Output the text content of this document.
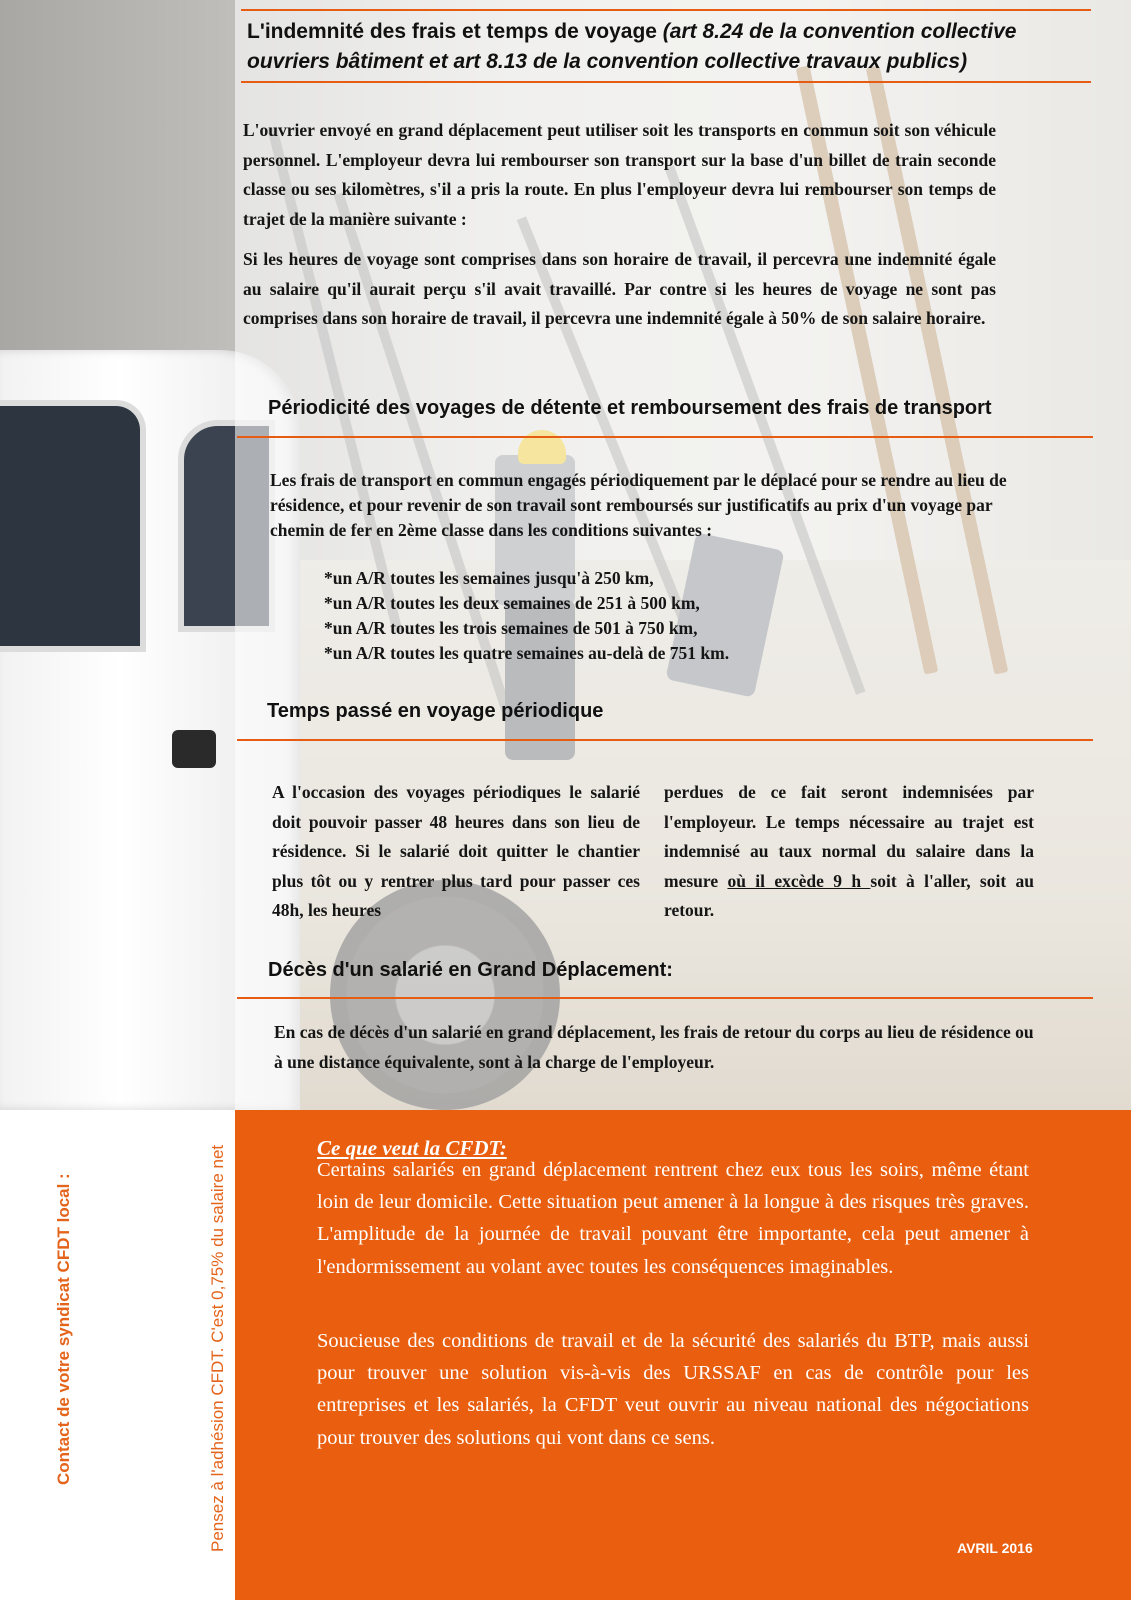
L'indemnité des frais et temps de voyage (art 8.24 de la convention collective ouvriers bâtiment et art 8.13 de la convention collective travaux publics)

L'ouvrier envoyé en grand déplacement peut utiliser soit les transports en commun soit son véhicule personnel. L'employeur devra lui rembourser son transport sur la base d'un billet de train seconde classe ou ses kilomètres, s'il a pris la route. En plus l'employeur devra lui rembourser son temps de trajet de la manière suivante :

Si les heures de voyage sont comprises dans son horaire de travail, il percevra une indemnité égale au salaire qu'il aurait perçu s'il avait travaillé. Par contre si les heures de voyage ne sont pas comprises dans son horaire de travail, il percevra une indemnité égale à 50% de son salaire horaire.

Périodicité des voyages de détente et remboursement des frais de transport

Les frais de transport en commun engagés périodiquement par le déplacé pour se rendre au lieu de résidence, et pour revenir de son travail sont remboursés sur justificatifs au prix d'un voyage par chemin de fer en 2ème classe dans les conditions suivantes :

*un A/R toutes les semaines jusqu'à 250 km,
*un A/R toutes les deux semaines de 251 à 500 km,
*un A/R toutes les trois semaines de 501 à 750 km,
*un A/R toutes les quatre semaines au-delà de 751 km.
Temps passé en voyage périodique

A l'occasion des voyages périodiques le salarié doit pouvoir passer 48 heures dans son lieu de résidence. Si le salarié doit quitter le chantier plus tôt ou y rentrer plus tard pour passer ces 48h, les heures

perdues de ce fait seront indemnisées par l'employeur. Le temps nécessaire au trajet est indemnisé au taux normal du salaire dans la mesure où il excède 9 h soit à l'aller, soit au retour.
Décès d'un salarié en Grand Déplacement:

En cas de décès d'un salarié en grand déplacement, les frais de retour du corps au lieu de résidence ou à une distance équivalente, sont à la charge de l'employeur.

Contact de votre syndicat CFDT local :	Pensez à l'adhésion CFDT. C'est 0,75% du salaire net	Ce que veut la CFDT:

Certains salariés en grand déplacement rentrent chez eux tous les soirs, même étant loin de leur domicile. Cette situation peut amener à la longue à des risques très graves. L'amplitude de la journée de travail pouvant être importante, cela peut amener à l'endormissement au volant avec toutes les conséquences imaginables.

Soucieuse des conditions de travail et de la sécurité des salariés du BTP, mais aussi pour trouver une solution vis-à-vis des URSSAF en cas de contrôle pour les entreprises et les salariés, la CFDT veut ouvrir au niveau national des négociations pour trouver des solutions qui vont dans ce sens.

AVRIL 2016
